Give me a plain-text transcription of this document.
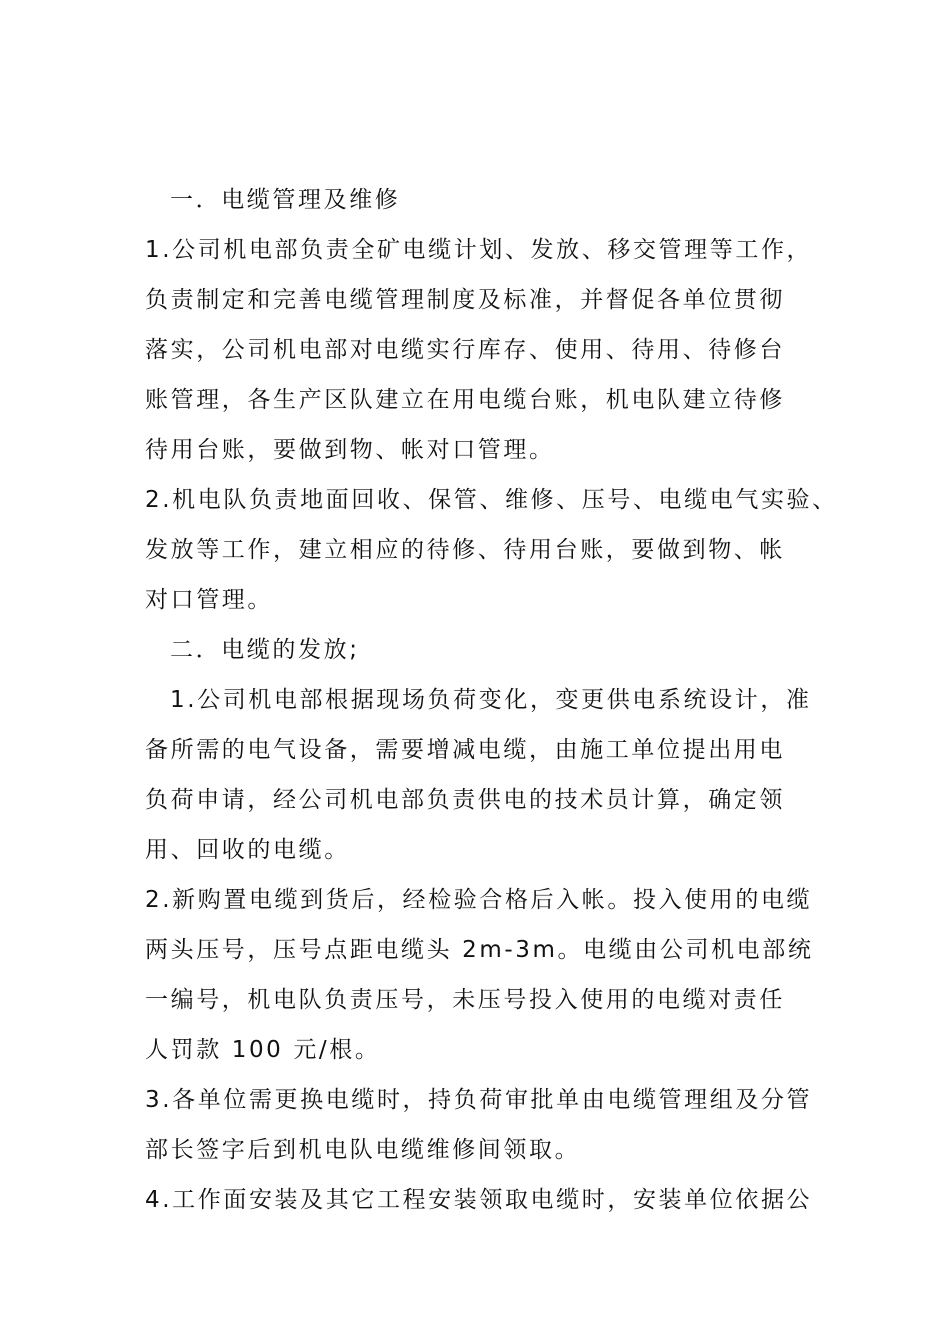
一．电缆管理及维修
1.公司机电部负责全矿电缆计划、发放、移交管理等工作，
负责制定和完善电缆管理制度及标准，并督促各单位贯彻
落实，公司机电部对电缆实行库存、使用、待用、待修台
账管理，各生产区队建立在用电缆台账，机电队建立待修
待用台账，要做到物、帐对口管理。
2.机电队负责地面回收、保管、维修、压号、电缆电气实验、
发放等工作，建立相应的待修、待用台账，要做到物、帐
对口管理。
二．电缆的发放;
1.公司机电部根据现场负荷变化，变更供电系统设计，准
备所需的电气设备，需要增减电缆，由施工单位提出用电
负荷申请，经公司机电部负责供电的技术员计算，确定领
用、回收的电缆。
2.新购置电缆到货后，经检验合格后入帐。投入使用的电缆
两头压号，压号点距电缆头 2m-3m。电缆由公司机电部统
一编号，机电队负责压号，未压号投入使用的电缆对责任
人罚款 100 元/根。
3.各单位需更换电缆时，持负荷审批单由电缆管理组及分管
部长签字后到机电队电缆维修间领取。
4.工作面安装及其它工程安装领取电缆时，安装单位依据公
